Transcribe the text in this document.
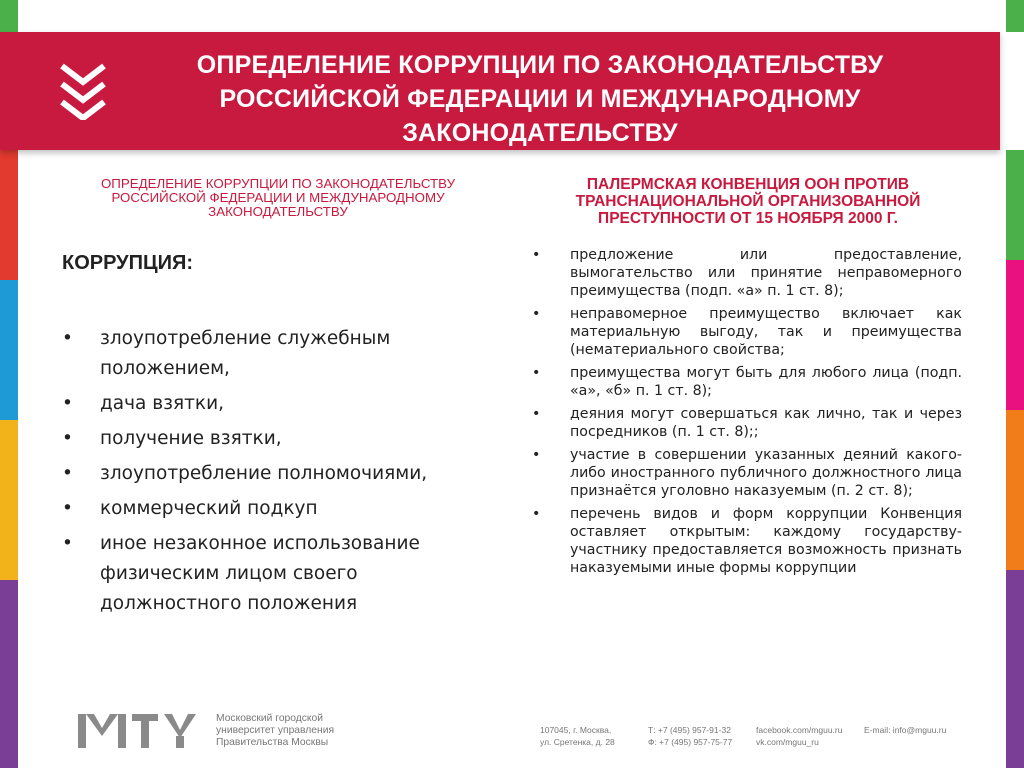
ОПРЕДЕЛЕНИЕ КОРРУПЦИИ ПО ЗАКОНОДАТЕЛЬСТВУ
РОССИЙСКОЙ ФЕДЕРАЦИИ И МЕЖДУНАРОДНОМУ
ЗАКОНОДАТЕЛЬСТВУ
ОПРЕДЕЛЕНИЕ КОРРУПЦИИ ПО ЗАКОНОДАТЕЛЬСТВУ
РОССИЙСКОЙ ФЕДЕРАЦИИ И МЕЖДУНАРОДНОМУ
ЗАКОНОДАТЕЛЬСТВУ
КОРРУПЦИЯ:
• злоупотребление служебным положением,
• дача взятки,
• получение взятки,
• злоупотребление полномочиями,
• коммерческий подкуп
• иное незаконное использование физическим лицом своего должностного положения
ПАЛЕРМСКАЯ КОНВЕНЦИЯ ООН ПРОТИВ
ТРАНСНАЦИОНАЛЬНОЙ ОРГАНИЗОВАННОЙ
ПРЕСТУПНОСТИ ОТ 15 НОЯБРЯ 2000 Г.
• предложение или предоставление, вымогательство или принятие неправомерного преимущества (подп. «а» п. 1 ст. 8);
• неправомерное преимущество включает как материальную выгоду, так и преимущества (нематериального свойства;
• преимущества могут быть для любого лица (подп. «а», «б» п. 1 ст. 8);
• деяния могут совершаться как лично, так и через посредников (п. 1 ст. 8);;
• участие в совершении указанных деяний какого-либо иностранного публичного должностного лица признаётся уголовно наказуемым (п. 2 ст. 8);
• перечень видов и форм коррупции Конвенция оставляет открытым: каждому государству-участнику предоставляется возможность признать наказуемыми иные формы коррупции
Московский городской
университет управления
Правительства Москвы
107045, г. Москва,
ул. Сретенка, д. 28
Т: +7 (495) 957-91-32
Ф: +7 (495) 957-75-77
facebook.com/mguu.ru
vk.com/mguu_ru
E-mail: info@mguu.ru
